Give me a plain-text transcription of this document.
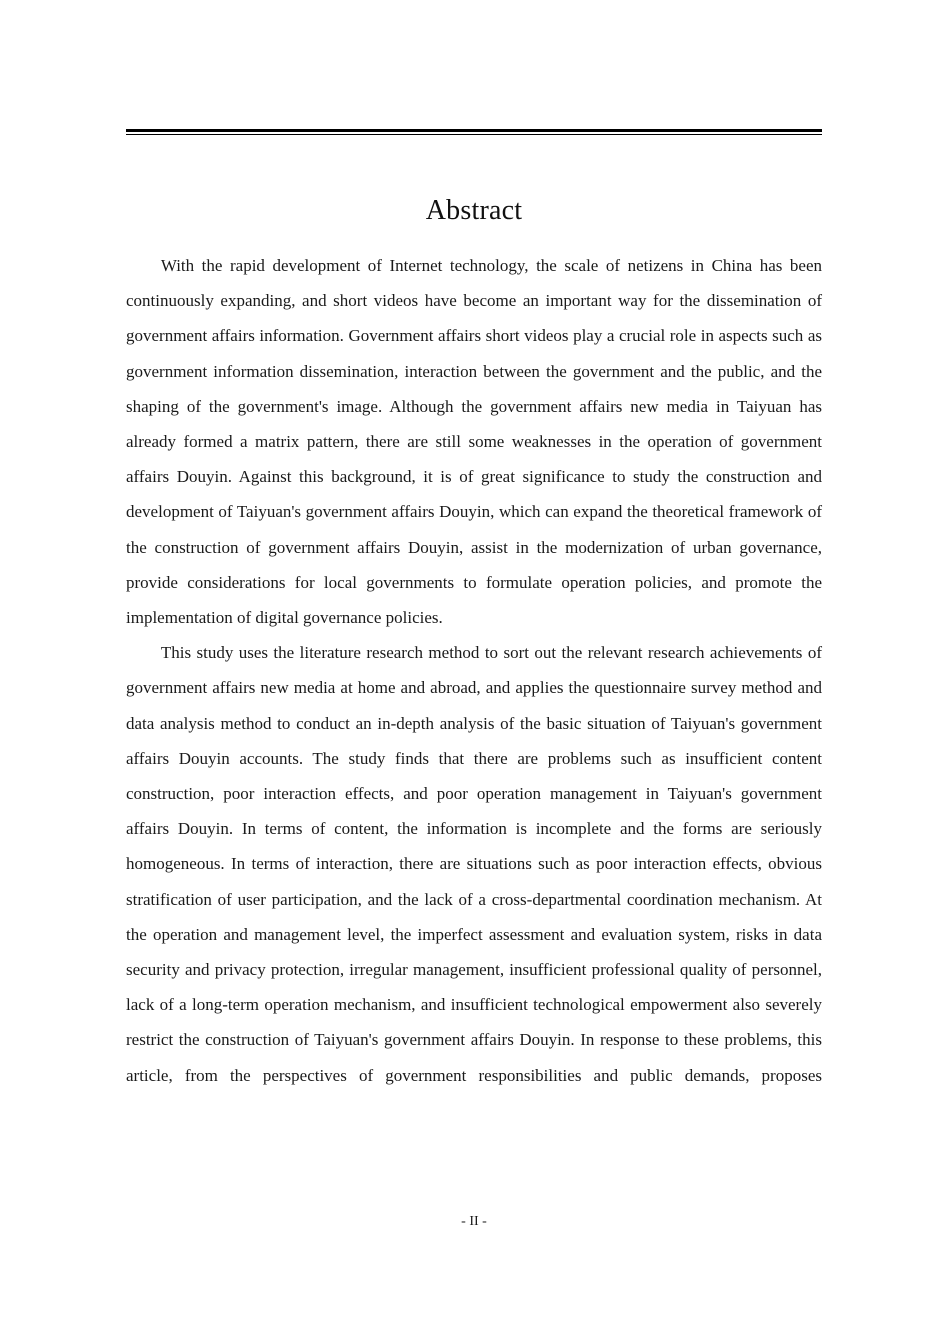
Abstract

With the rapid development of Internet technology, the scale of netizens in China has been continuously expanding, and short videos have become an important way for the dissemination of government affairs information. Government affairs short videos play a crucial role in aspects such as government information dissemination, interaction between the government and the public, and the shaping of the government's image. Although the government affairs new media in Taiyuan has already formed a matrix pattern, there are still some weaknesses in the operation of government affairs Douyin. Against this background, it is of great significance to study the construction and development of Taiyuan's government affairs Douyin, which can expand the theoretical framework of the construction of government affairs Douyin, assist in the modernization of urban governance, provide considerations for local governments to formulate operation policies, and promote the implementation of digital governance policies.

This study uses the literature research method to sort out the relevant research achievements of government affairs new media at home and abroad, and applies the questionnaire survey method and data analysis method to conduct an in-depth analysis of the basic situation of Taiyuan's government affairs Douyin accounts. The study finds that there are problems such as insufficient content construction, poor interaction effects, and poor operation management in Taiyuan's government affairs Douyin. In terms of content, the information is incomplete and the forms are seriously homogeneous. In terms of interaction, there are situations such as poor interaction effects, obvious stratification of user participation, and the lack of a cross-departmental coordination mechanism. At the operation and management level, the imperfect assessment and evaluation system, risks in data security and privacy protection, irregular management, insufficient professional quality of personnel, lack of a long-term operation mechanism, and insufficient technological empowerment also severely restrict the construction of Taiyuan's government affairs Douyin. In response to these problems, this article, from the perspectives of government responsibilities and public demands, proposes

- II -
